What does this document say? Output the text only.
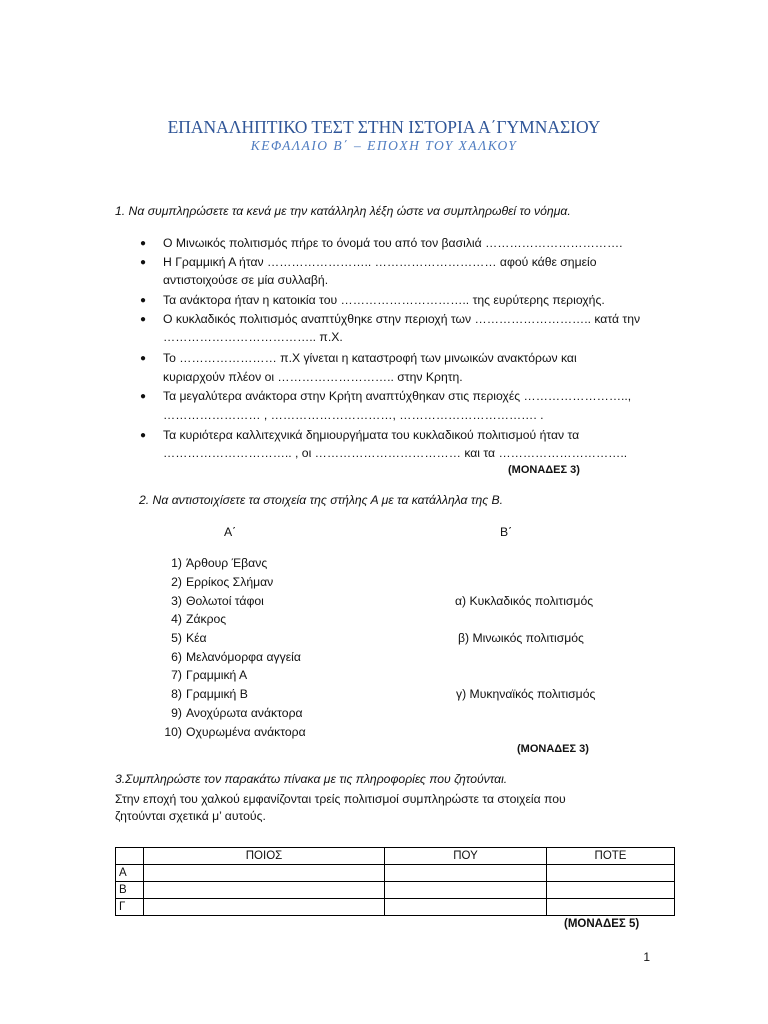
ΕΠΑΝΑΛΗΠΤΙΚΟ ΤΕΣΤ ΣΤΗΝ ΙΣΤΟΡΙΑ Α΄ΓΥΜΝΑΣΙΟΥ
ΚΕΦΑΛΑΙΟ Β΄ – ΕΠΟΧΗ ΤΟΥ ΧΑΛΚΟΥ
1. Να συμπληρώσετε τα κενά με την κατάλληλη λέξη ώστε να συμπληρωθεί το νόημα.
● Ο Μινωικός πολιτισμός πήρε το όνομά του από τον βασιλιά …………………………….
● Η Γραμμική Α ήταν …………………….. ………………………… αφού κάθε σημείο
αντιστοιχούσε σε μία συλλαβή.
● Τα ανάκτορα ήταν η κατοικία του ………………………….. της ευρύτερης περιοχής.
● Ο κυκλαδικός πολιτισμός αναπτύχθηκε στην περιοχή των ……………………….. κατά την
……………………………….. π.Χ.
● Το …………………… π.Χ γίνεται η καταστροφή των μινωικών ανακτόρων και
κυριαρχούν πλέον οι ……………………….. στην Κρητη.
● Τα μεγαλύτερα ανάκτορα στην Κρήτη αναπτύχθηκαν στις περιοχές ……………………..,
…………………… , …………………………, ……………………………. .
● Τα κυριότερα καλλιτεχνικά δημιουργήματα του κυκλαδικού πολιτισμού ήταν τα
………………………….. , οι ……………………………… και τα …………………………..
(ΜΟΝΑΔΕΣ 3)
2. Να αντιστοιχίσετε τα στοιχεία της στήλης Α με τα κατάλληλα της Β.
Α΄	Β΄
1) Άρθουρ Έβανς
2) Ερρίκος Σλήμαν
3) Θολωτοί τάφοι
4) Ζάκρος
5) Κέα
6) Μελανόμορφα αγγεία
7) Γραμμική Α
8) Γραμμική Β
9) Ανοχύρωτα ανάκτορα
10) Οχυρωμένα ανάκτορα
α) Κυκλαδικός πολιτισμός
β) Μινωικός πολιτισμός
γ) Μυκηναϊκός πολιτισμός
(ΜΟΝΑΔΕΣ 3)
3.Συμπληρώστε τον παρακάτω πίνακα με τις πληροφορίες που ζητούνται.
Στην εποχή του χαλκού εμφανίζονται τρείς πολιτισμοί συμπληρώστε τα στοιχεία που
ζητούνται σχετικά μ’ αυτούς.
	ΠΟΙΟΣ	ΠΟΥ	ΠΟΤΕ
Α			
Β			
Γ			
(ΜΟΝΑΔΕΣ 5)
1
